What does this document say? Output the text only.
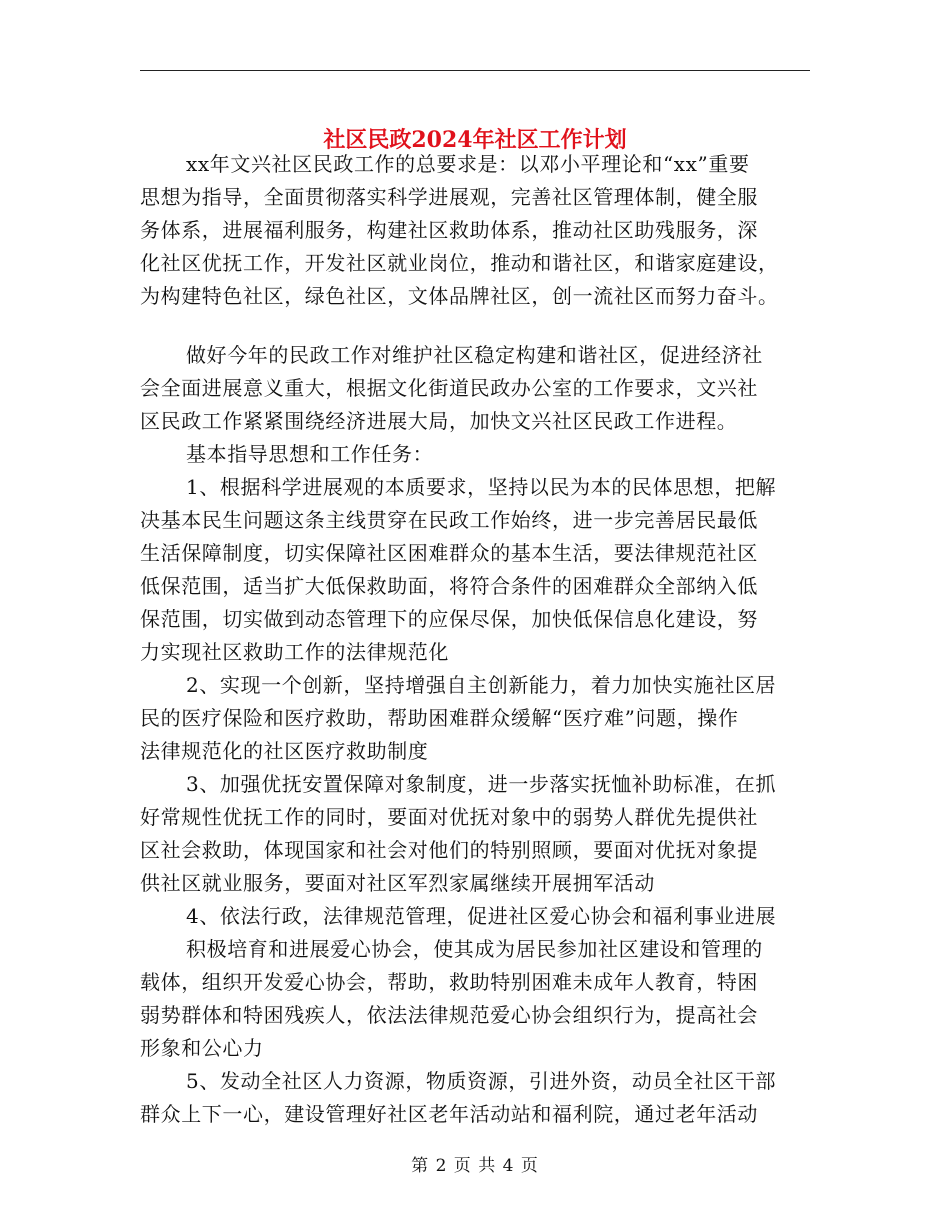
社区民政2024年社区工作计划
xx年文兴社区民政工作的总要求是：以邓小平理论和“xx”重要
思想为指导，全面贯彻落实科学进展观，完善社区管理体制，健全服
务体系，进展福利服务，构建社区救助体系，推动社区助残服务，深
化社区优抚工作，开发社区就业岗位，推动和谐社区，和谐家庭建设，
为构建特色社区，绿色社区，文体品牌社区，创一流社区而努力奋斗。
做好今年的民政工作对维护社区稳定构建和谐社区，促进经济社
会全面进展意义重大，根据文化街道民政办公室的工作要求，文兴社
区民政工作紧紧围绕经济进展大局，加快文兴社区民政工作进程。
基本指导思想和工作任务：
1、根据科学进展观的本质要求，坚持以民为本的民体思想，把解
决基本民生问题这条主线贯穿在民政工作始终，进一步完善居民最低
生活保障制度，切实保障社区困难群众的基本生活，要法律规范社区
低保范围，适当扩大低保救助面，将符合条件的困难群众全部纳入低
保范围，切实做到动态管理下的应保尽保，加快低保信息化建设，努
力实现社区救助工作的法律规范化
2、实现一个创新，坚持增强自主创新能力，着力加快实施社区居
民的医疗保险和医疗救助，帮助困难群众缓解“医疗难”问题，操作
法律规范化的社区医疗救助制度
3、加强优抚安置保障对象制度，进一步落实抚恤补助标准，在抓
好常规性优抚工作的同时，要面对优抚对象中的弱势人群优先提供社
区社会救助，体现国家和社会对他们的特别照顾，要面对优抚对象提
供社区就业服务，要面对社区军烈家属继续开展拥军活动
4、依法行政，法律规范管理，促进社区爱心协会和福利事业进展
积极培育和进展爱心协会，使其成为居民参加社区建设和管理的
载体，组织开发爱心协会，帮助，救助特别困难未成年人教育，特困
弱势群体和特困残疾人，依法法律规范爱心协会组织行为，提高社会
形象和公心力
5、发动全社区人力资源，物质资源，引进外资，动员全社区干部
群众上下一心，建设管理好社区老年活动站和福利院，通过老年活动
第 2 页 共 4 页
